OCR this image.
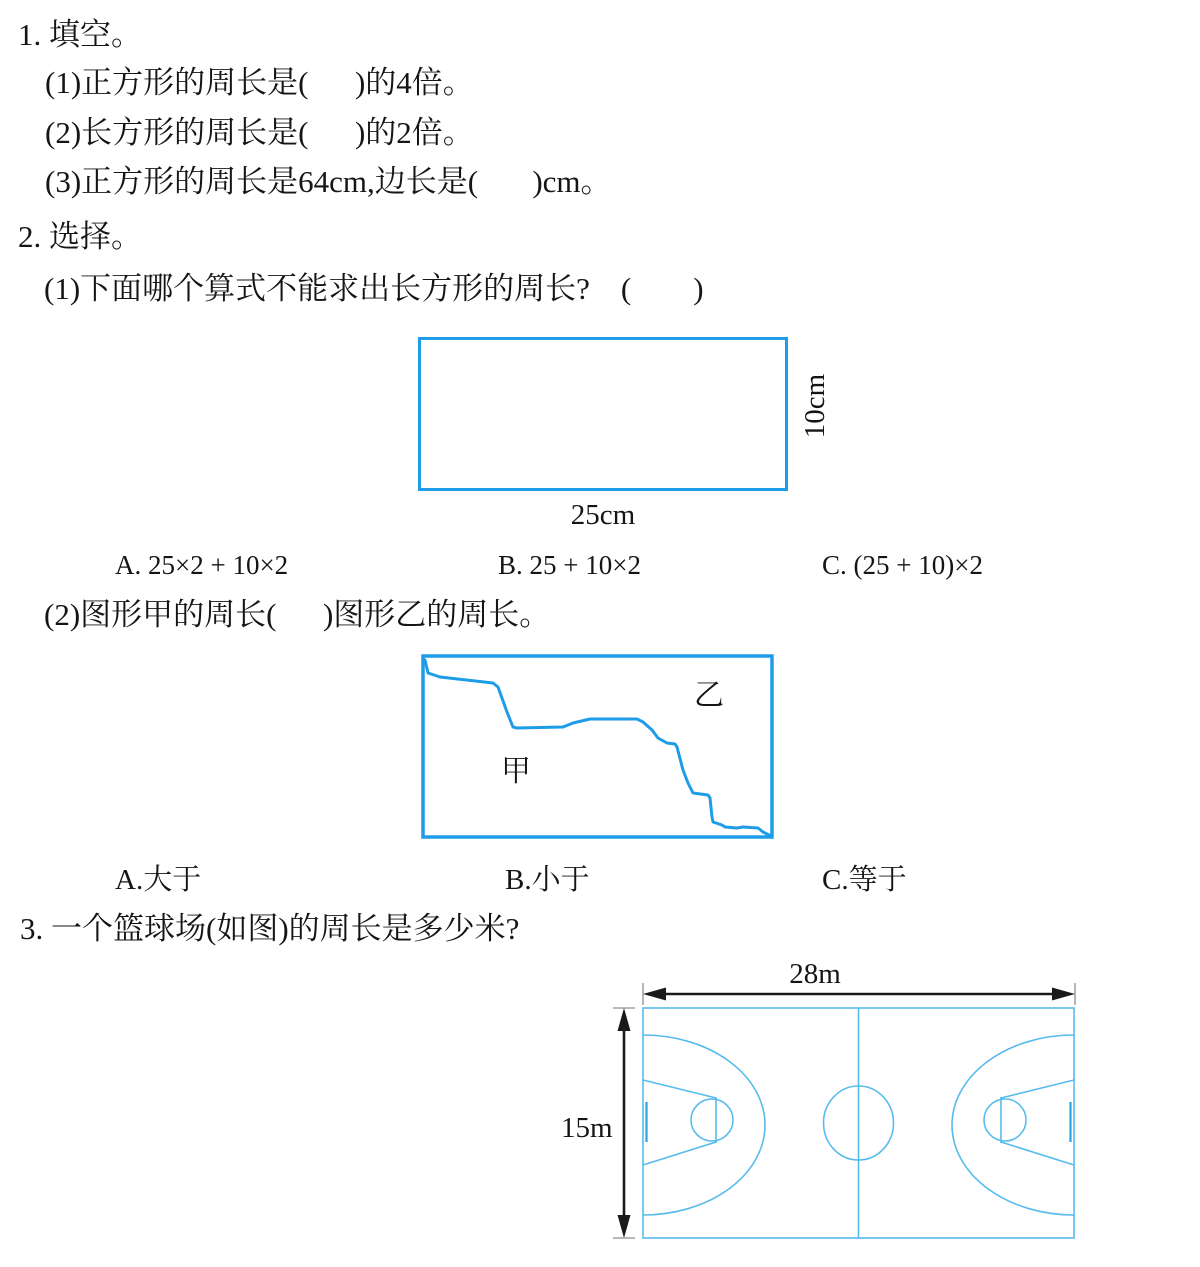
1. 填空。
(1)正方形的周长是(      )的4倍。
(2)长方形的周长是(      )的2倍。
(3)正方形的周长是64cm,边长是(       )cm。
2. 选择。
(1)下面哪个算式不能求出长方形的周长?    (        )
25cm
10cm
A. 25×2 + 10×2	B. 25 + 10×2	C. (25 + 10)×2
(2)图形甲的周长(      )图形乙的周长。
甲
乙
A.大于	B.小于	C.等于
3. 一个篮球场(如图)的周长是多少米?
28m
15m
